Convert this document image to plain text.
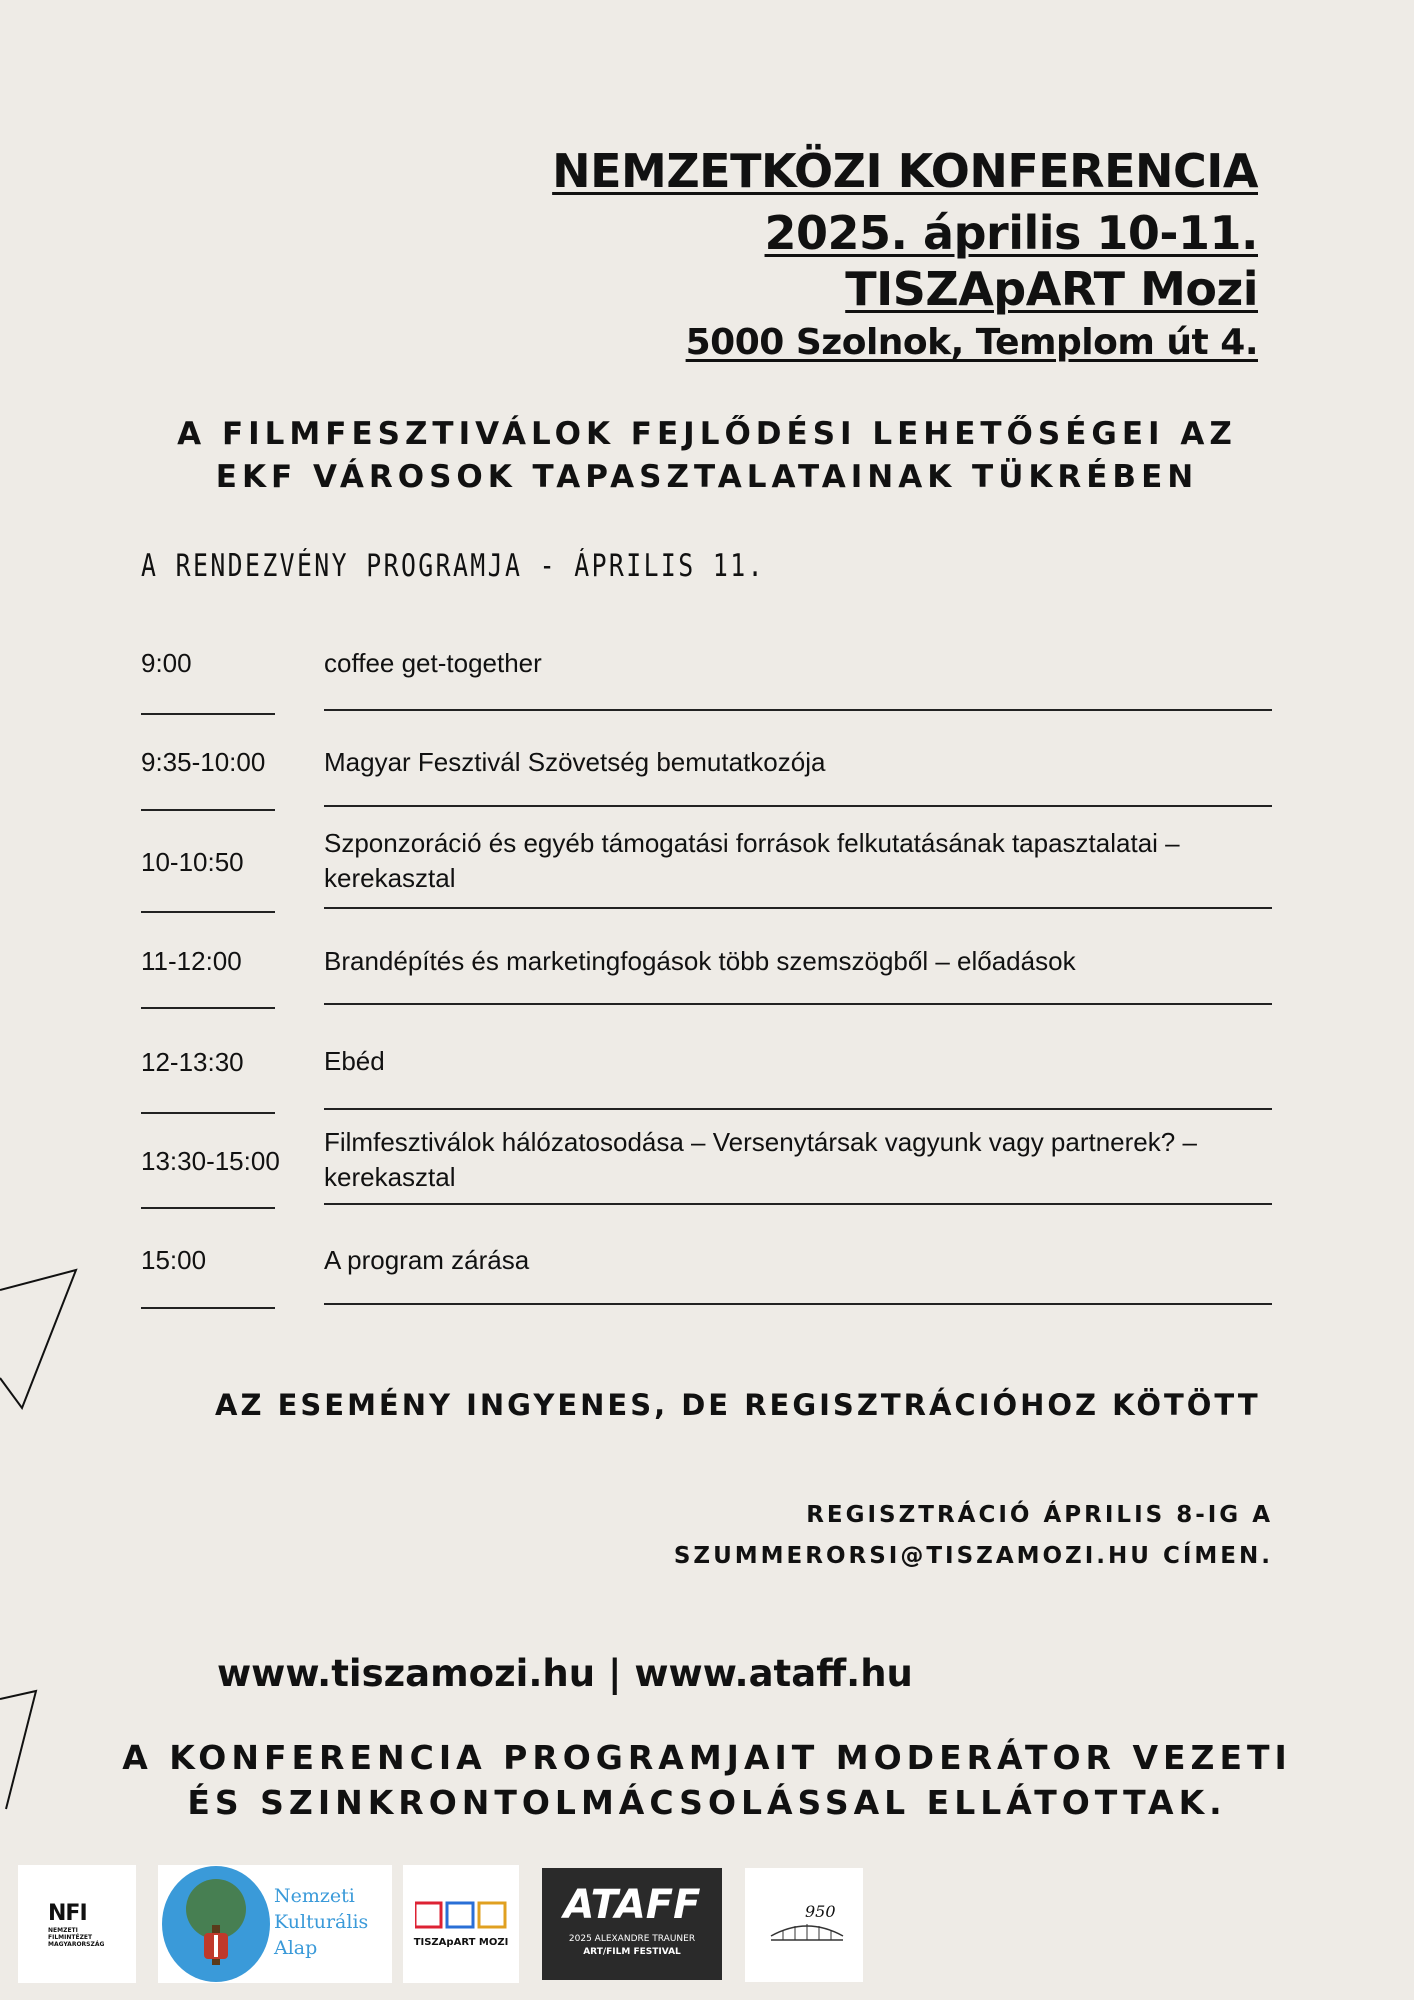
NEMZETKÖZI KONFERENCIA
2025. április 10-11.
TISZApART Mozi
5000 Szolnok, Templom út 4.
A FILMFESZTIVÁLOK FEJLŐDÉSI LEHETŐSÉGEI AZ
EKF VÁROSOK TAPASZTALATAINAK TÜKRÉBEN
A RENDEZVÉNY PROGRAMJA - ÁPRILIS 11.
9:00	coffee get-together
9:35-10:00 Magyar Fesztivál Szövetség bemutatkozója
10-10:50
Szponzoráció és egyéb támogatási források felkutatásának tapasztalatai – kerekasztal
11-12:00	Brandépítés és marketingfogások több szemszögből – előadások
12-13:30	Ebéd
13:30-15:00
Filmfesztiválok hálózatosodása – Versenytársak vagyunk vagy partnerek? – kerekasztal
15:00	A program zárása
AZ ESEMÉNY INGYENES, DE REGISZTRÁCIÓHOZ KÖTÖTT
REGISZTRÁCIÓ ÁPRILIS 8-IG A
SZUMMERORSI@TISZAMOZI.HU CÍMEN.
www.tiszamozi.hu | www.ataff.hu
A KONFERENCIA PROGRAMJAIT MODERÁTOR VEZETI
ÉS SZINKRONTOLMÁCSOLÁSSAL ELLÁTOTTAK.
NFI
NEMZETI FILMINTÉZET MAGYARORSZÁG
Nemzeti
Kulturális
Alap	TISZApART MOZI
ATAFF
2025 ALEXANDRE TRAUNER
ART/FILM FESTIVAL
950
